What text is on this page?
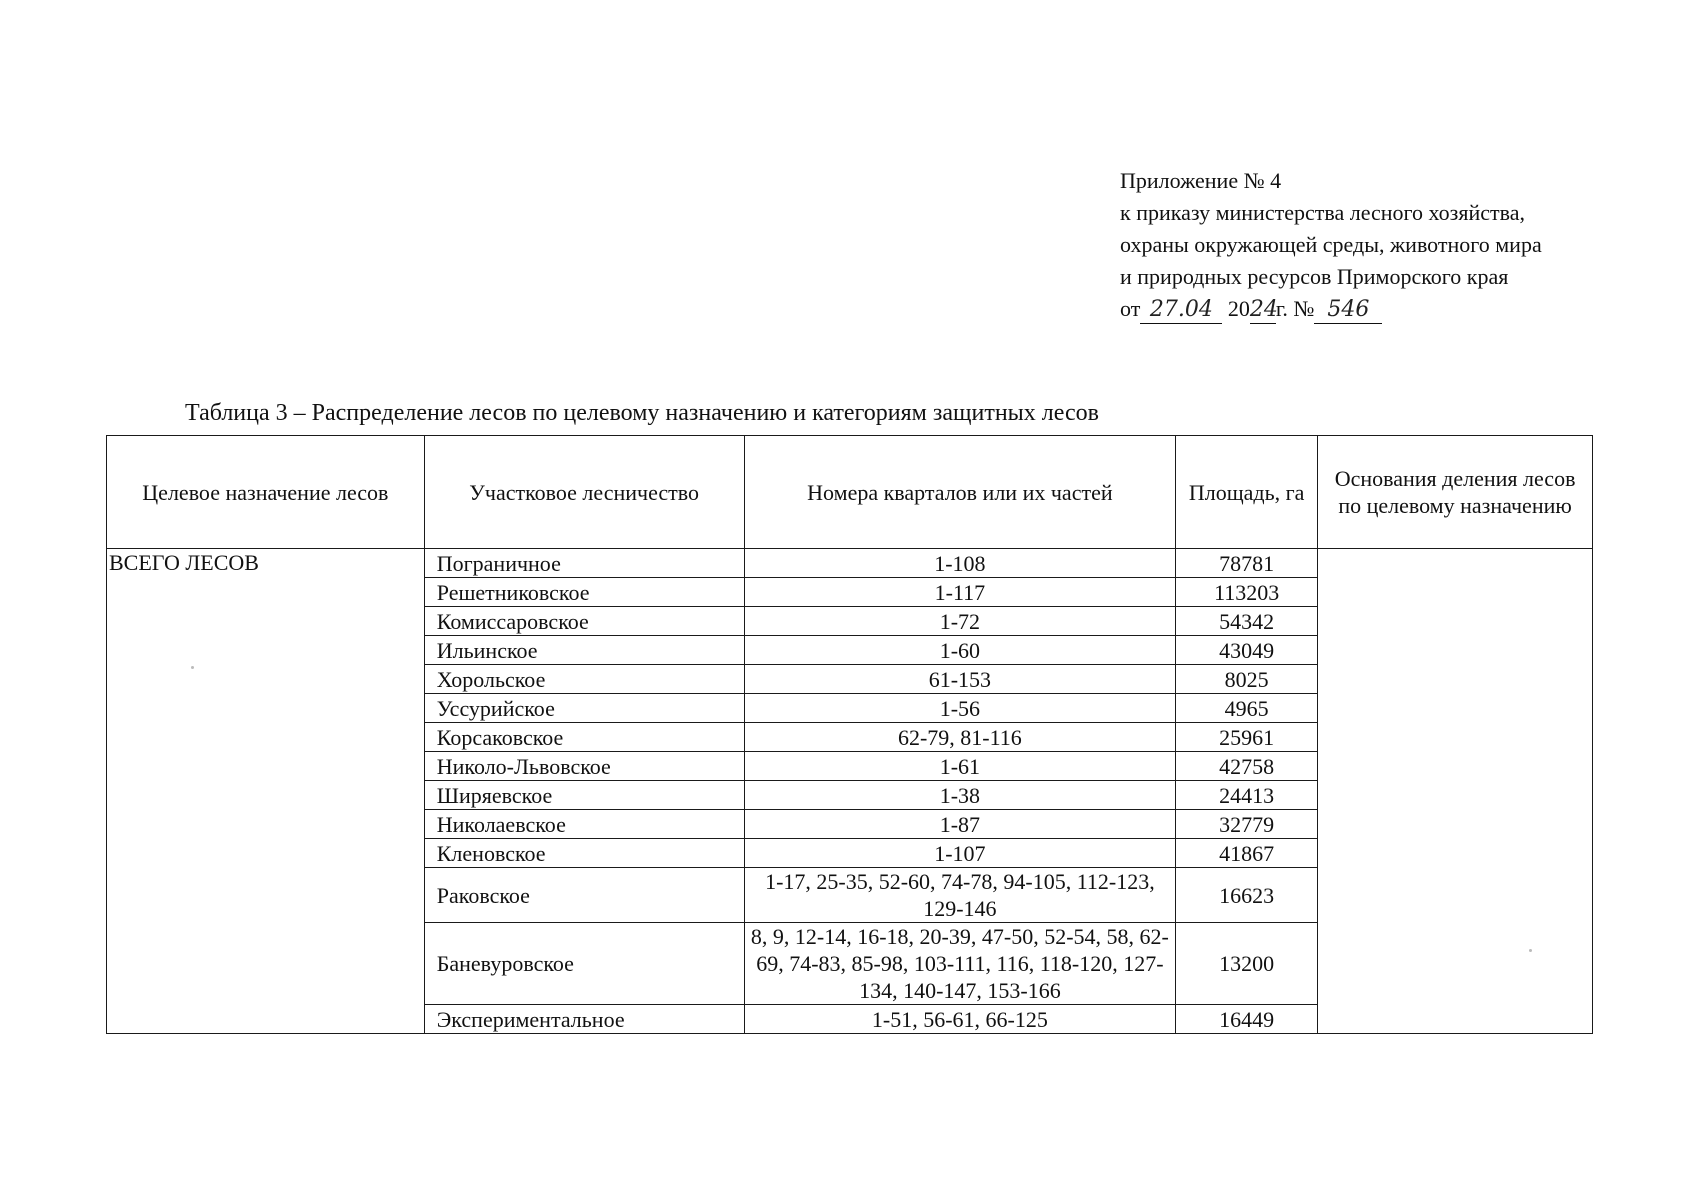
Приложение № 4
к приказу министерства лесного хозяйства,
охраны окружающей среды, животного мира
и природных ресурсов Приморского края
от 27.04 2024г. № 546
Таблица 3 – Распределение лесов по целевому назначению и категориям защитных лесов
Целевое назначение лесов	Участковое лесничество	Номера кварталов или их частей	Площадь, га	Основания деления лесов по целевому назначению
ВСЕГО ЛЕСОВ	Пограничное	1-108	78781	
	Решетниковское	1-117	113203	
	Комиссаровское	1-72	54342	
	Ильинское	1-60	43049	
	Хорольское	61-153	8025	
	Уссурийское	1-56	4965	
	Корсаковское	62-79, 81-116	25961	
	Николо-Львовское	1-61	42758	
	Ширяевское	1-38	24413	
	Николаевское	1-87	32779	
	Кленовское	1-107	41867	
	Раковское	1-17, 25-35, 52-60, 74-78, 94-105, 112-123, 129-146	16623	
	Баневуровское	8, 9, 12-14, 16-18, 20-39, 47-50, 52-54, 58, 62-69, 74-83, 85-98, 103-111, 116, 118-120, 127-134, 140-147, 153-166	13200	
	Экспериментальное	1-51, 56-61, 66-125	16449	
